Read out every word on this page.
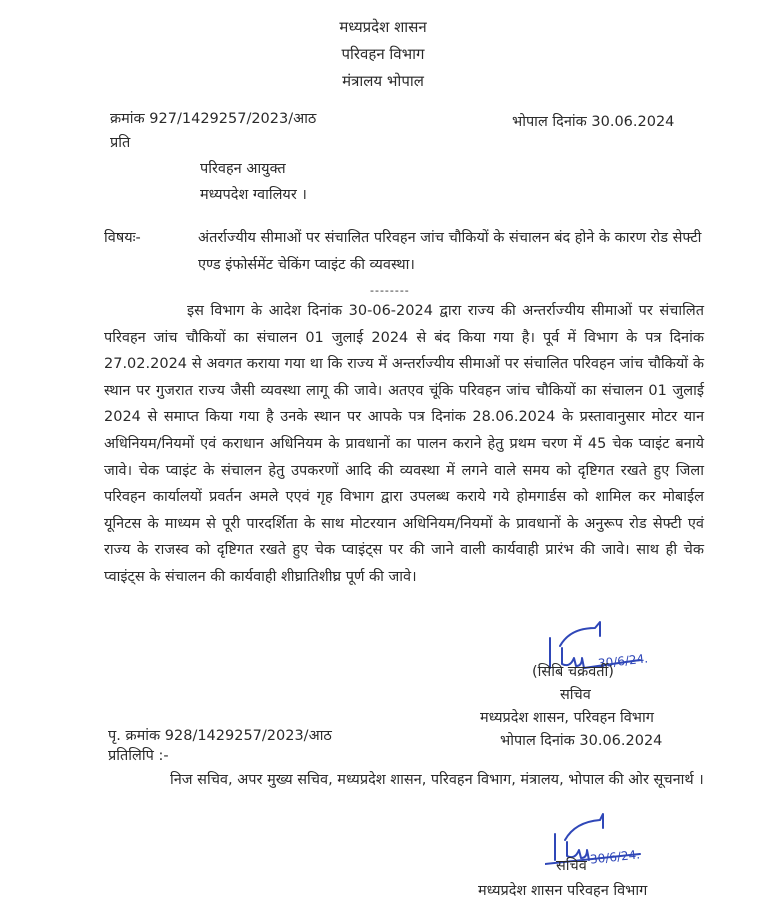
मध्यप्रदेश शासन
परिवहन विभाग
मंत्रालय भोपाल
क्रमांक 927/1429257/2023/आठ	भोपाल दिनांक 30.06.2024
प्रति
परिवहन आयुक्त
मध्यपदेश ग्वालियर ।
विषयः-	अंतर्राज्यीय सीमाओं पर संचालित परिवहन जांच चौकियों के संचालन बंद होने के कारण रोड सेफ्टी एण्ड इंफोर्समेंट चेकिंग प्वाइंट की व्यवस्था।
--------
इस विभाग के आदेश दिनांक 30-06-2024 द्वारा राज्य की अन्तर्राज्यीय सीमाओं पर संचालित परिवहन जांच चौकियों का संचालन 01 जुलाई 2024 से बंद किया गया है। पूर्व में विभाग के पत्र दिनांक 27.02.2024 से अवगत कराया गया था कि राज्य में अन्तर्राज्यीय सीमाओं पर संचालित परिवहन जांच चौकियों के स्थान पर गुजरात राज्य जैसी व्यवस्था लागू की जावे। अतएव चूंकि परिवहन जांच चौकियों का संचालन 01 जुलाई 2024 से समाप्त किया गया है उनके स्थान पर आपके पत्र दिनांक 28.06.2024 के प्रस्तावानुसार मोटर यान अधिनियम/नियमों एवं कराधान अधिनियम के प्रावधानों का पालन कराने हेतु प्रथम चरण में 45 चेक प्वाइंट बनाये जावे। चेक प्वाइंट के संचालन हेतु उपकरणों आदि की व्यवस्था में लगने वाले समय को दृष्टिगत रखते हुए जिला परिवहन कार्यालयों प्रवर्तन अमले एएवं गृह विभाग द्वारा उपलब्ध कराये गये होमगार्डस को शामिल कर मोबाईल यूनिटस के माध्यम से पूरी पारदर्शिता के साथ मोटरयान अधिनियम/नियमों के प्रावधानों के अनुरूप रोड सेफ्टी एवं राज्य के राजस्व को दृष्टिगत रखते हुए चेक प्वाइंट्स पर की जाने वाली कार्यवाही प्रारंभ की जावे। साथ ही चेक प्वाइंट्स के संचालन की कार्यवाही शीघ्रातिशीघ्र पूर्ण की जावे।
30/6/24.
(सिबि चक्रवर्ती)
सचिव
मध्यप्रदेश शासन, परिवहन विभाग
भोपाल दिनांक 30.06.2024
पृ. क्रमांक 928/1429257/2023/आठ
प्रतिलिपि :-
निज सचिव, अपर मुख्य सचिव, मध्यप्रदेश शासन, परिवहन विभाग, मंत्रालय, भोपाल की ओर सूचनार्थ ।
30/6/24.
सचिव
मध्यप्रदेश शासन परिवहन विभाग
